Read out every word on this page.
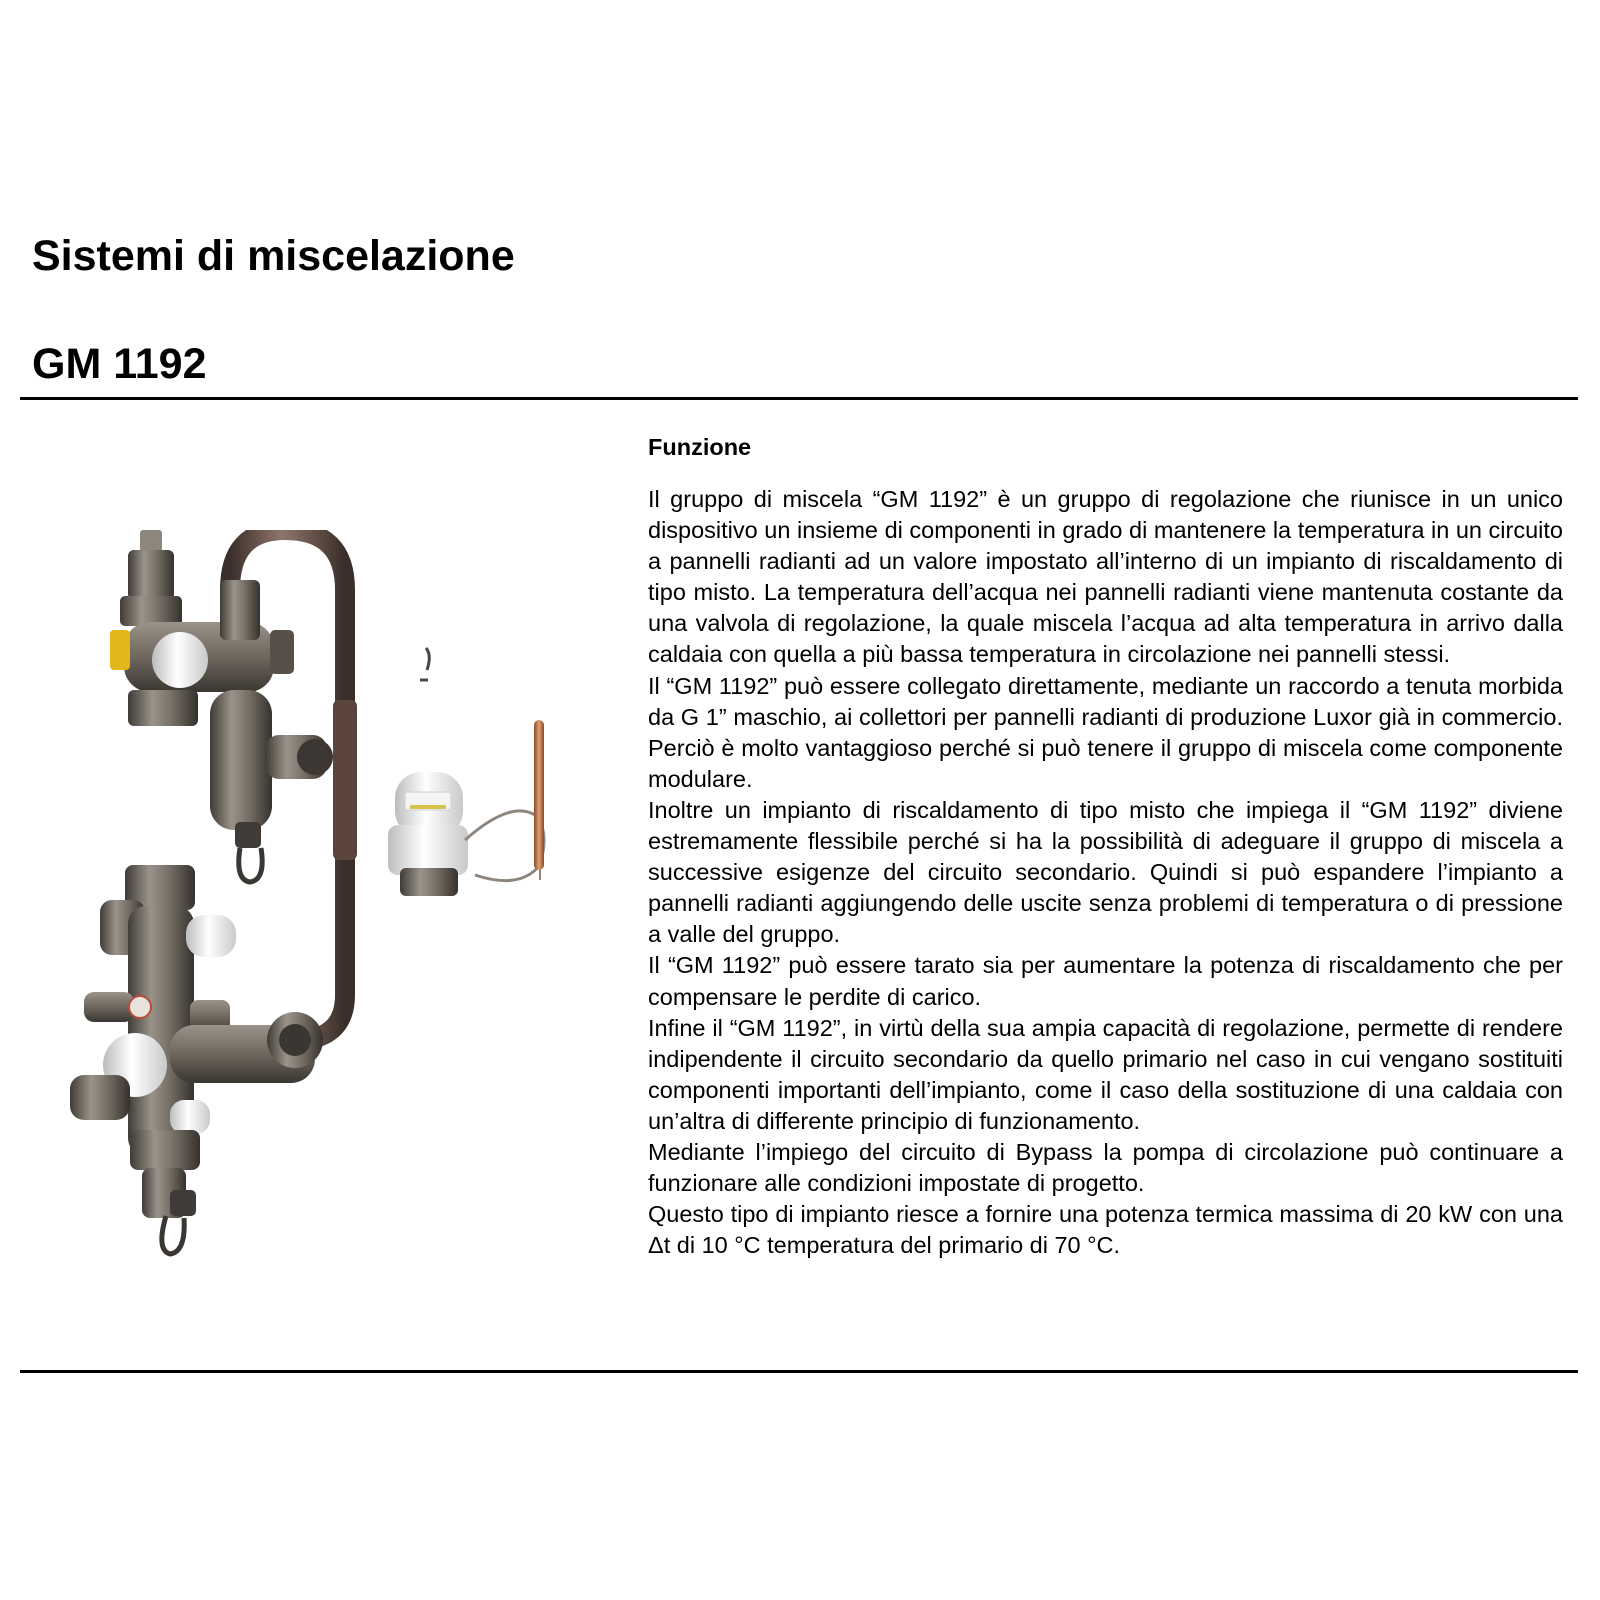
Sistemi di miscelazione
GM 1192
Funzione

Il gruppo di miscela “GM 1192” è un gruppo di regolazione che riunisce in un unico dispositivo un insieme di componenti in grado di mantenere la temperatura in un circuito a pannelli radianti ad un valore impostato all’interno di un impianto di riscaldamento di tipo misto. La temperatura dell’acqua nei pannelli radianti viene mantenuta costante da una valvola di regolazione, la quale miscela l’acqua ad alta temperatura in arrivo dalla caldaia con quella a più bassa temperatura in circolazione nei pannelli stessi.

Il “GM 1192” può essere collegato direttamente, mediante un raccordo a tenuta morbida da G 1” maschio, ai collettori per pannelli radianti di produzione Luxor già in commercio. Perciò è molto vantaggioso perché si può tenere il gruppo di miscela come componente modulare.

Inoltre un impianto di riscaldamento di tipo misto che impiega il “GM 1192” diviene estremamente flessibile perché si ha la possibilità di adeguare il gruppo di miscela a successive esigenze del circuito secondario. Quindi si può espandere l’impianto a pannelli radianti aggiungendo delle uscite senza problemi di temperatura o di pressione a valle del gruppo.

Il “GM 1192” può essere tarato sia per aumentare la potenza di riscaldamento che per compensare le perdite di carico.

Infine il “GM 1192”, in virtù della sua ampia capacità di regolazione, permette di rendere indipendente il circuito secondario da quello primario nel caso in cui vengano sostituiti componenti importanti dell’impianto, come il caso della sostituzione di una caldaia con un’altra di differente principio di funzionamento.

Mediante l’impiego del circuito di Bypass la pompa di circolazione può continuare a funzionare alle condizioni impostate di progetto.

Questo tipo di impianto riesce a fornire una potenza termica massima di 20 kW con una Δt di 10 °C temperatura del primario di 70 °C.
